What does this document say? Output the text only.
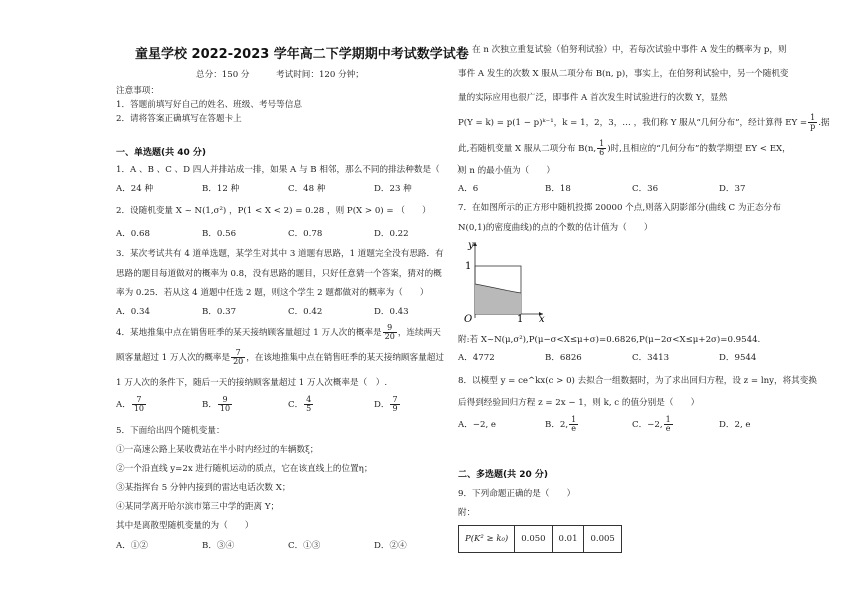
童星学校 2022-2023 学年高二下学期期中考试数学试卷
总分：150 分	考试时间：120 分钟；
注意事项：
1．答题前填写好自己的姓名、班级、考号等信息
2．请将答案正确填写在答题卡上
一、单选题(共 40 分)
1．A 、B 、C 、D 四人并排站成一排，如果 A 与 B 相邻，那么不同的排法种数是（　　）
A．24 种	B．12 种	C．48 种	D．23 种
2．设随机变量 X ~ N(1,σ²) ，P(1 < X < 2) = 0.28 ，则 P(X > 0) = （　　）
A．0.68	B．0.56	C．0.78	D．0.22
3．某次考试共有 4 道单选题，某学生对其中 3 道题有思路，1 道题完全没有思路．有
思路的题目每道做对的概率为 0.8，没有思路的题目，只好任意猜一个答案，猜对的概
率为 0.25．若从这 4 道题中任选 2 题，则这个学生 2 题都做对的概率为（　　）
A．0.34	B．0.37	C．0.42	D．0.43
4．某地推集中点在销售旺季的某天接纳顾客量超过 1 万人次的概率是 $\frac{9}{20}$ ，连续两天
顾客量超过 1 万人次的概率是 $\frac{7}{20}$ ，在该地推集中点在销售旺季的某天接纳顾客量超过
1 万人次的条件下，随后一天的接纳顾客量超过 1 万人次概率是（　）.
A． $\frac{7}{10}$	B． $\frac{9}{10}$	C． $\frac{4}{5}$	D． $\frac{7}{9}$
5．下面给出四个随机变量：
①一高速公路上某收费站在半小时内经过的车辆数ξ；
②一个沿直线 y=2x 进行随机运动的质点，它在该直线上的位置η；
③某指挥台 5 分钟内接到的雷达电话次数 X；
④某同学离开哈尔滨市第三中学的距离 Y；
其中是离散型随机变量的为（　　）
A．①②	B．③④	C．①③	D．②④
6．在 n 次独立重复试验（伯努利试验）中，若每次试验中事件 A 发生的概率为 p，则
事件 A 发生的次数 X 服从二项分布 B(n, p)，事实上，在伯努利试验中，另一个随机变
量的实际应用也很广泛，即事件 A 首次发生时试验进行的次数 Y，显然
P(Y = k) = p(1 − p)ᵏ⁻¹，k = 1，2，3，… ，我们称 Y 服从“几何分布”，经计算得 EY = $\frac{1}{p}$ .据
此,若随机变量 X 服从二项分布 B(n, $\frac{1}{6}$ )时,且相应的“几何分布”的数学期望 EY < EX，
则 n 的最小值为（　　）
A．6	B．18	C．36	D．37
7．在如图所示的正方形中随机投掷 20000 个点,则落入阴影部分(曲线 C 为正态分布
N(0,1)的密度曲线)的点的个数的估计值为（　　）
y
x
1
1
O
附:若 X~N(μ,σ²),P(μ−σ<X≤μ+σ)=0.6826,P(μ−2σ<X≤μ+2σ)=0.9544.
A．4772	B．6826	C．3413	D．9544
8．以模型 y = ce^kx(c > 0) 去拟合一组数据时，为了求出回归方程，设 z = lny，将其变换
后得到经验回归方程 z = 2x − 1，则 k, c 的值分别是（　　）
A．−2, e	B．2, $\frac{1}{e}$	C．−2, $\frac{1}{e}$	D．2, e
二、多选题(共 20 分)
9．下列命题正确的是（　　）
附：
P(K² ≥ k₀)	0.050	0.01	0.005
